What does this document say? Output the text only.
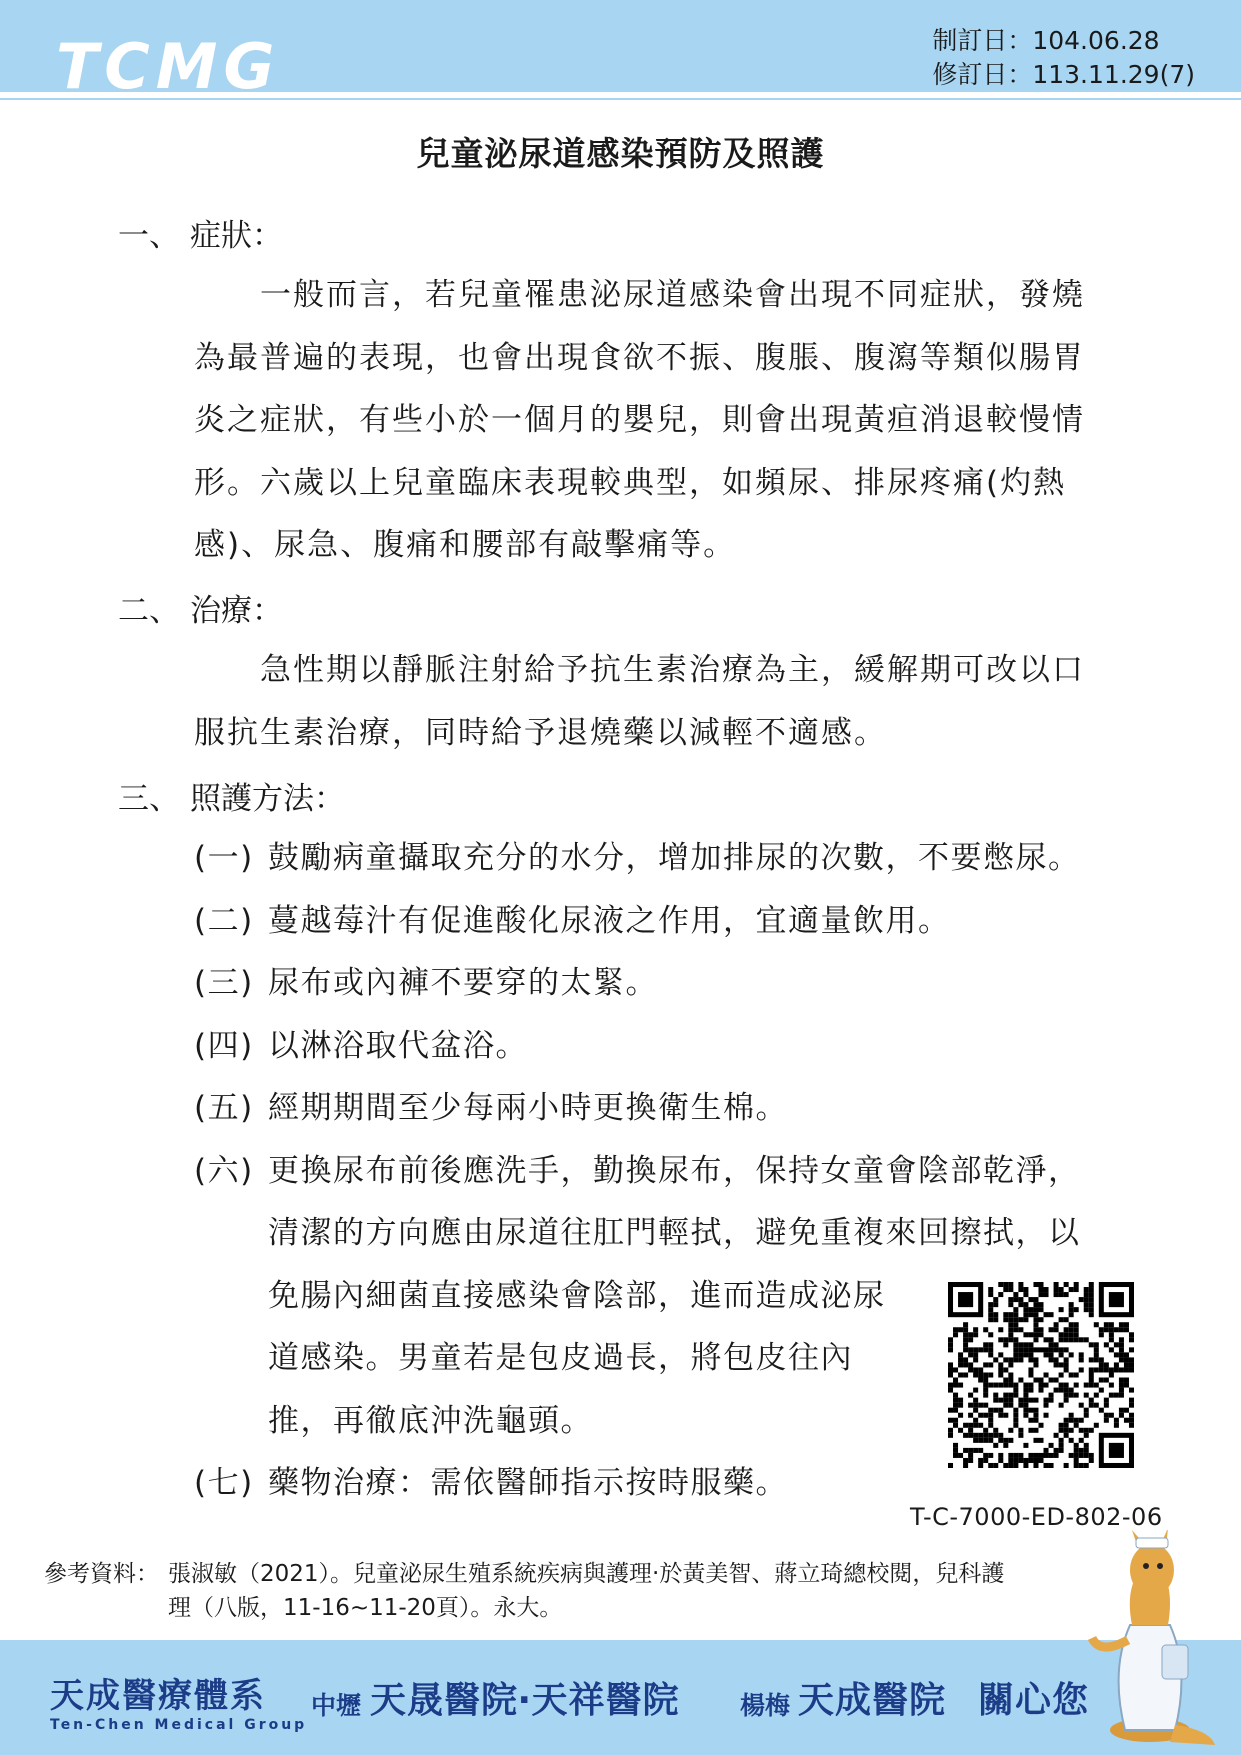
TCMG	制訂日： 104.06.28
修訂日： 113.11.29(7)
兒童泌尿道感染預防及照護
一、 症狀：

一般而言，若兒童罹患泌尿道感染會出現不同症狀，發燒

為最普遍的表現，也會出現食欲不振、腹脹、腹瀉等類似腸胃

炎之症狀，有些小於一個月的嬰兒，則會出現黃疸消退較慢情

形。六歲以上兒童臨床表現較典型，如頻尿、排尿疼痛(灼熱

感)、尿急、腹痛和腰部有敲擊痛等。

二、 治療：

急性期以靜脈注射給予抗生素治療為主，緩解期可改以口

服抗生素治療，同時給予退燒藥以減輕不適感。

三、 照護方法：
(一) 鼓勵病童攝取充分的水分，增加排尿的次數，不要憋尿。
(二) 蔓越莓汁有促進酸化尿液之作用，宜適量飲用。
(三) 尿布或內褲不要穿的太緊。
(四) 以淋浴取代盆浴。
(五) 經期期間至少每兩小時更換衛生棉。
(六) 更換尿布前後應洗手，勤換尿布，保持女童會陰部乾淨，
清潔的方向應由尿道往肛門輕拭，避免重複來回擦拭，以
免腸內細菌直接感染會陰部，進而造成泌尿
道感染。男童若是包皮過長，將包皮往內
推，再徹底沖洗龜頭。
(七) 藥物治療：需依醫師指示按時服藥。
T-C-7000-ED-802-06
參考資料： 張淑敏（2021）。兒童泌尿生殖系統疾病與護理‧於黃美智、蔣立琦總校閱，兒科護
理（八版，11-16~11-20頁）。永大。
天成醫療體系
Ten-Chen Medical Group
中壢 天晟醫院‧天祥醫院 楊梅 天成醫院 關心您
